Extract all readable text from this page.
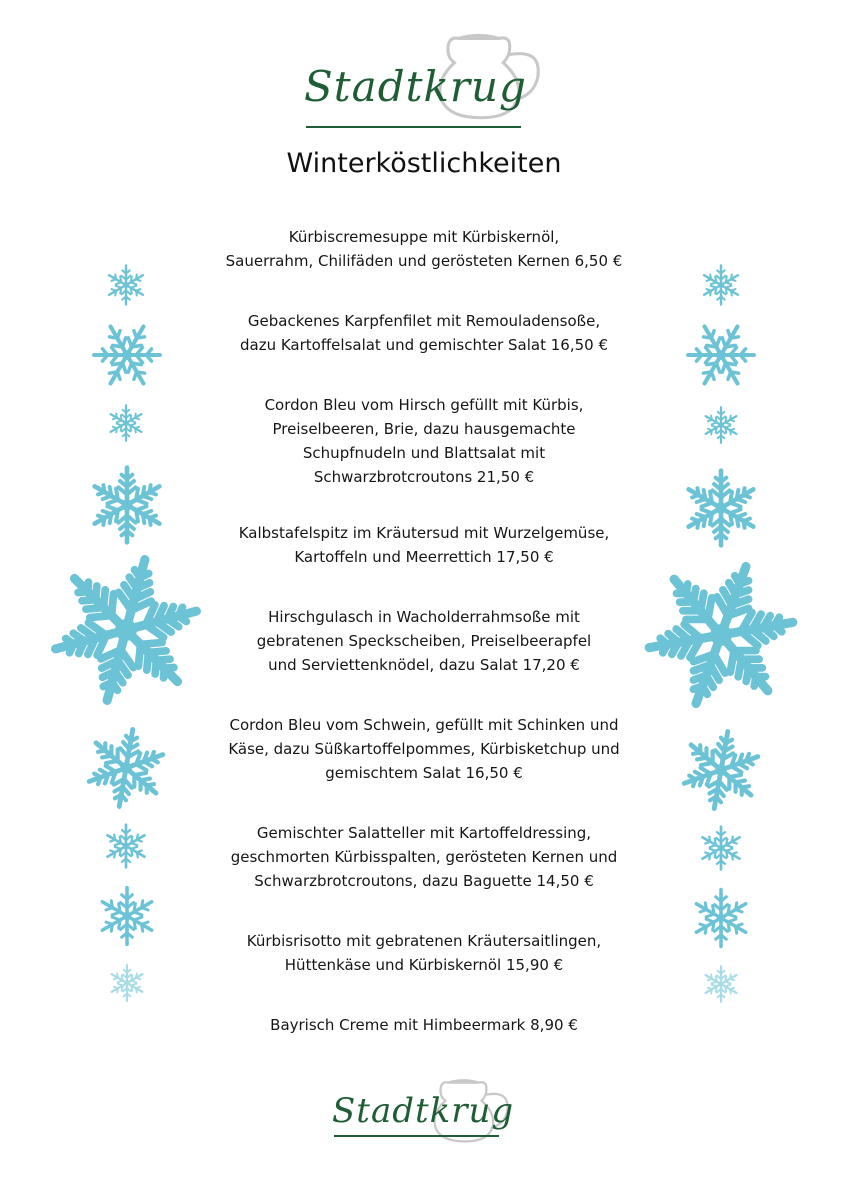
Stadtkrug
Winterköstlichkeiten
Kürbiscremesuppe mit Kürbiskernöl,
Sauerrahm, Chilifäden und gerösteten Kernen 6,50 €
Gebackenes Karpfenfilet mit Remouladensoße,
dazu Kartoffelsalat und gemischter Salat 16,50 €
Cordon Bleu vom Hirsch gefüllt mit Kürbis,
Preiselbeeren, Brie, dazu hausgemachte
Schupfnudeln und Blattsalat mit
Schwarzbrotcroutons 21,50 €
Kalbstafelspitz im Kräutersud mit Wurzelgemüse,
Kartoffeln und Meerrettich 17,50 €
Hirschgulasch in Wacholderrahmsoße mit
gebratenen Speckscheiben, Preiselbeerapfel
und Serviettenknödel, dazu Salat 17,20 €
Cordon Bleu vom Schwein, gefüllt mit Schinken und
Käse, dazu Süßkartoffelpommes, Kürbisketchup und
gemischtem Salat 16,50 €
Gemischter Salatteller mit Kartoffeldressing,
geschmorten Kürbisspalten, gerösteten Kernen und
Schwarzbrotcroutons, dazu Baguette 14,50 €
Kürbisrisotto mit gebratenen Kräutersaitlingen,
Hüttenkäse und Kürbiskernöl 15,90 €
Bayrisch Creme mit Himbeermark 8,90 €
Stadtkrug
